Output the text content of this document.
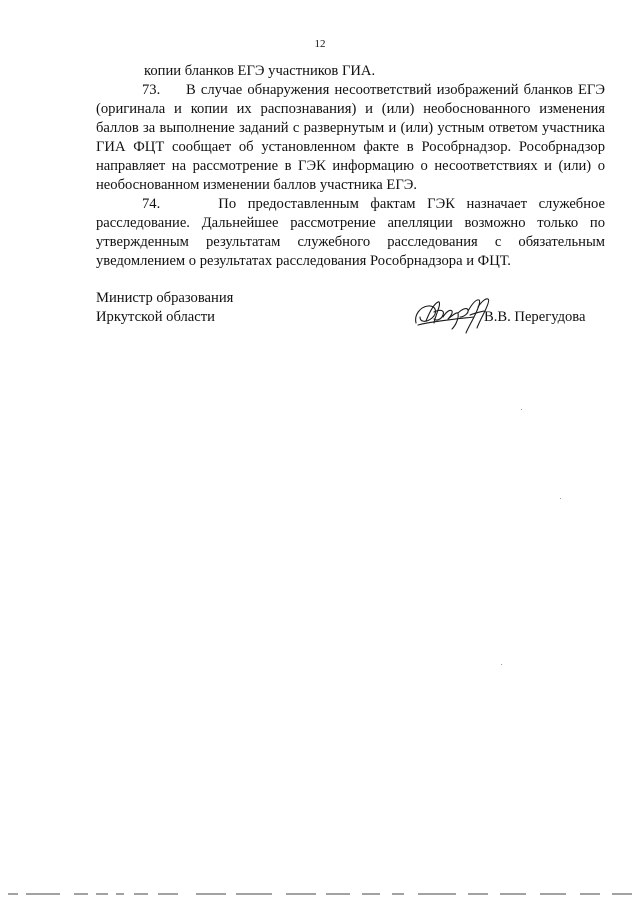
12

копии бланков ЕГЭ участников ГИА.

73. В случае обнаружения несоответствий изображений бланков ЕГЭ (оригинала и копии их распознавания) и (или) необоснованного изменения баллов за выполнение заданий с развернутым и (или) устным ответом участника ГИА ФЦТ сообщает об установленном факте в Рособрнадзор. Рособрнадзор направляет на рассмотрение в ГЭК информацию о несоответствиях и (или) о необоснованном изменении баллов участника ЕГЭ.

74.	По предоставленным фактам ГЭК назначает служебное расследование. Дальнейшее рассмотрение апелляции возможно только по утвержденным результатам служебного расследования с обязательным уведомлением о результатах расследования Рособрнадзора и ФЦТ.

Министр образования
Иркутской области	В.В. Перегудова
